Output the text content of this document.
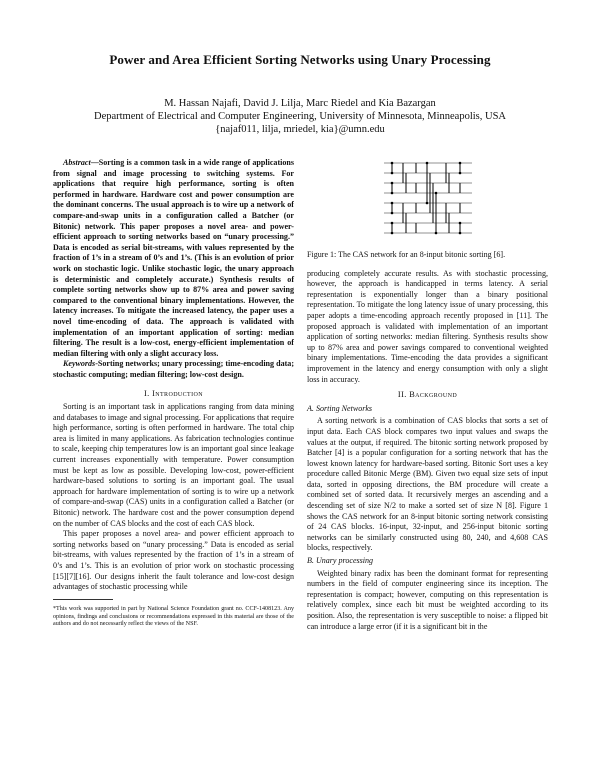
Power and Area Efficient Sorting Networks using Unary Processing
M. Hassan Najafi, David J. Lilja, Marc Riedel and Kia Bazargan
Department of Electrical and Computer Engineering, University of Minnesota, Minneapolis, USA
{najaf011, lilja, mriedel, kia}@umn.edu

Abstract—Sorting is a common task in a wide range of applications from signal and image processing to switching systems. For applications that require high performance, sorting is often performed in hardware. Hardware cost and power consumption are the dominant concerns. The usual approach is to wire up a network of compare-and-swap units in a configuration called a Batcher (or Bitonic) network. This paper proposes a novel area- and power-efficient approach to sorting networks based on “unary processing.” Data is encoded as serial bit-streams, with values represented by the fraction of 1’s in a stream of 0’s and 1’s. (This is an evolution of prior work on stochastic logic. Unlike stochastic logic, the unary approach is deterministic and completely accurate.) Synthesis results of complete sorting networks show up to 87% area and power saving compared to the conventional binary implementations. However, the latency increases. To mitigate the increased latency, the paper uses a novel time-encoding of data. The approach is validated with implementation of an important application of sorting: median filtering. The result is a low-cost, energy-efficient implementation of median filtering with only a slight accuracy loss.

Keywords-Sorting networks; unary processing; time-encoding data; stochastic computing; median filtering; low-cost design.

I. Introduction

Sorting is an important task in applications ranging from data mining and databases to image and signal processing. For applications that require high performance, sorting is often performed in hardware. The total chip area is limited in many applications. As fabrication technologies continue to scale, keeping chip temperatures low is an important goal since leakage current increases exponentially with temperature. Power consumption must be kept as low as possible. Developing low-cost, power-efficient hardware-based solutions to sorting is an important goal. The usual approach for hardware implementation of sorting is to wire up a network of compare-and-swap (CAS) units in a configuration called a Batcher (or Bitonic) network. The hardware cost and the power consumption depend on the number of CAS blocks and the cost of each CAS block.

This paper proposes a novel area- and power efficient approach to sorting networks based on “unary processing.” Data is encoded as serial bit-streams, with values represented by the fraction of 1’s in a stream of 0’s and 1’s. This is an evolution of prior work on stochastic processing [15][7][16]. Our designs inherit the fault tolerance and low-cost design advantages of stochastic processing while

*This work was supported in part by National Science Foundation grant no. CCF-1408123. Any opinions, findings and conclusions or recommendations expressed in this material are those of the authors and do not necessarily reflect the views of the NSF.

Figure 1: The CAS network for an 8-input bitonic sorting [6].

producing completely accurate results. As with stochastic processing, however, the approach is handicapped in terms latency. A serial representation is exponentially longer than a binary positional representation. To mitigate the long latency issue of unary processing, this paper adopts a time-encoding approach recently proposed in [11]. The proposed approach is validated with implementation of an important application of sorting networks: median filtering. Synthesis results show up to 87% area and power savings compared to conventional weighted binary implementations. Time-encoding the data provides a significant improvement in the latency and energy consumption with only a slight loss in accuracy.

II. Background
A. Sorting Networks

A sorting network is a combination of CAS blocks that sorts a set of input data. Each CAS block compares two input values and swaps the values at the output, if required. The bitonic sorting network proposed by Batcher [4] is a popular configuration for a sorting network that has the lowest known latency for hardware-based sorting. Bitonic Sort uses a key procedure called Bitonic Merge (BM). Given two equal size sets of input data, sorted in opposing directions, the BM procedure will create a combined set of sorted data. It recursively merges an ascending and a descending set of size N/2 to make a sorted set of size N [8]. Figure 1 shows the CAS network for an 8-input bitonic sorting network consisting of 24 CAS blocks. 16-input, 32-input, and 256-input bitonic sorting networks can be similarly constructed using 80, 240, and 4,608 CAS blocks, respectively.

B. Unary processing

Weighted binary radix has been the dominant format for representing numbers in the field of computer engineering since its inception. The representation is compact; however, computing on this representation is relatively complex, since each bit must be weighted according to its position. Also, the representation is very susceptible to noise: a flipped bit can introduce a large error (if it is a significant bit in the
